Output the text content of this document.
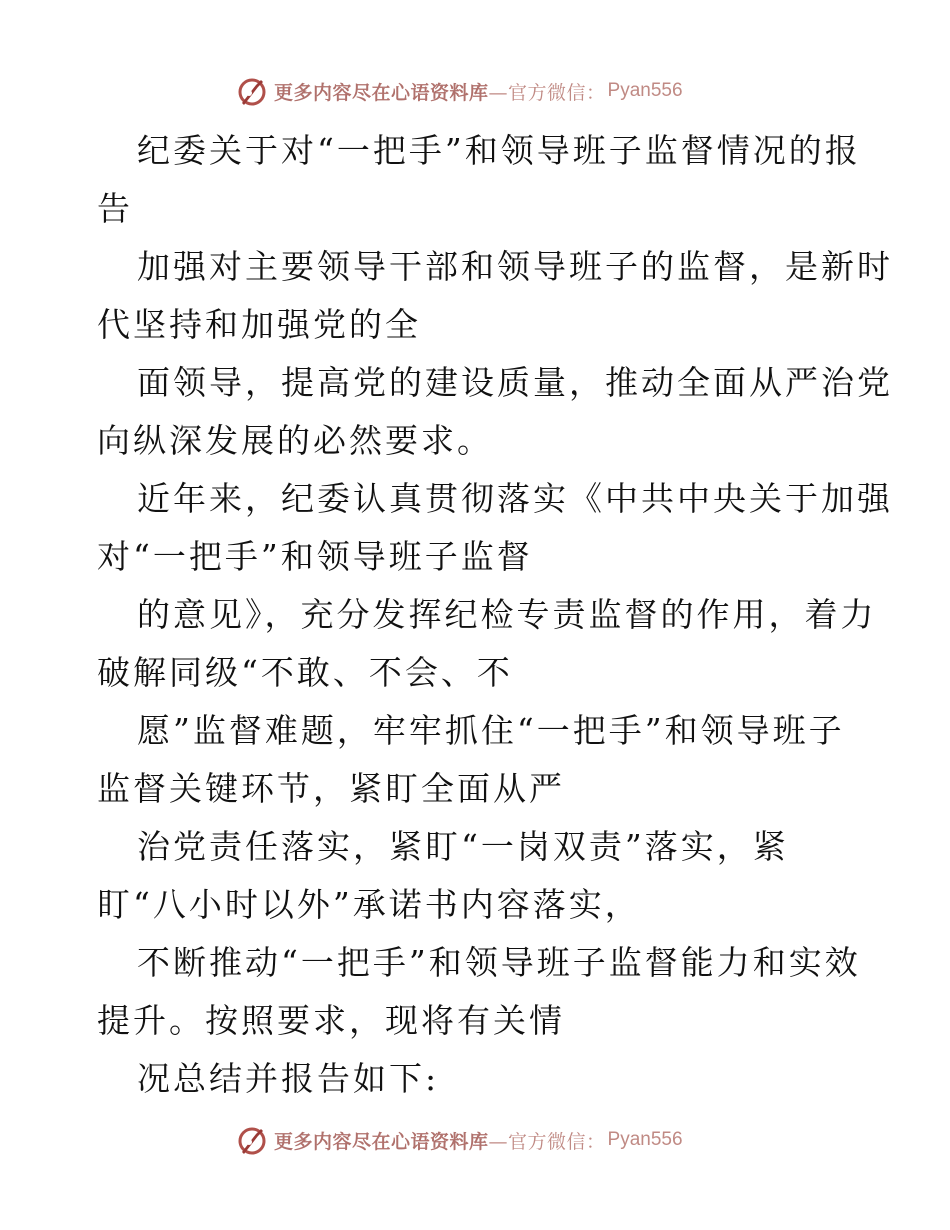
更多内容尽在心语资料库 —官方微信： Pyan556
纪委关于对“一把手”和领导班子监督情况的报
告
加强对主要领导干部和领导班子的监督，是新时
代坚持和加强党的全
面领导，提高党的建设质量，推动全面从严治党
向纵深发展的必然要求。
近年来，纪委认真贯彻落实《中共中央关于加强
对“一把手”和领导班子监督
的意见》，充分发挥纪检专责监督的作用，着力
破解同级“不敢、不会、不
愿”监督难题，牢牢抓住“一把手”和领导班子
监督关键环节，紧盯全面从严
治党责任落实，紧盯“一岗双责”落实，紧
盯“八小时以外”承诺书内容落实，
不断推动“一把手”和领导班子监督能力和实效
提升。按照要求，现将有关情
况总结并报告如下:
更多内容尽在心语资料库 —官方微信： Pyan556
